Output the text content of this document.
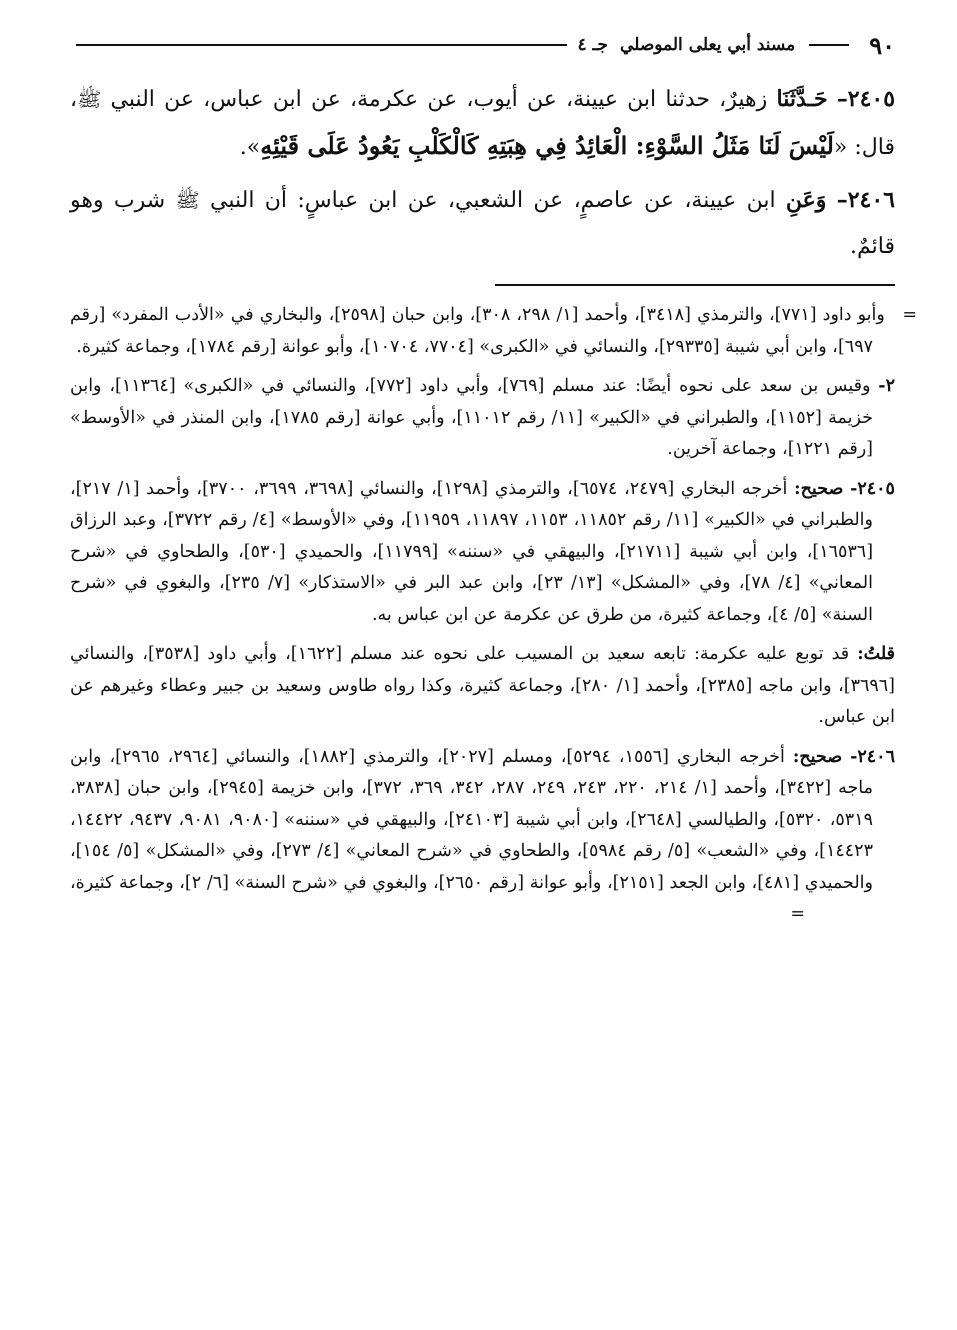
٩٠
مسند أبي يعلى الموصلي
جـ ٤

٢٤٠٥– حَـدَّثَنَا زهيرٌ، حدثنا ابن عيينة، عن أيوب، عن عكرمة، عن ابن عباس، عن النبي ﷺ، قال: «لَيْسَ لَنَا مَثَلُ السَّوْءِ: الْعَائِدُ فِي هِبَتِهِ كَالْكَلْبِ يَعُودُ عَلَى قَيْئِهِ».

٢٤٠٦– وَعَنِ ابن عيينة، عن عاصمٍ، عن الشعبي، عن ابن عباسٍ: أن النبي ﷺ شرب وهو قائمٌ.

= وأبو داود [٧٧١]، والترمذي [٣٤١٨]، وأحمد [١/ ٢٩٨، ٣٠٨]، وابن حبان [٢٥٩٨]، والبخاري في «الأدب المفرد» [رقم ٦٩٧]، وابن أبي شيبة [٢٩٣٣٥]، والنسائي في «الكبرى» [٧٧٠٤، ١٠٧٠٤]، وأبو عوانة [رقم ١٧٨٤]، وجماعة كثيرة.

٢- وقيس بن سعد على نحوه أيضًا: عند مسلم [٧٦٩]، وأبي داود [٧٧٢]، والنسائي في «الكبرى» [١١٣٦٤]، وابن خزيمة [١١٥٢]، والطبراني في «الكبير» [١١/ رقم ١١٠١٢]، وأبي عوانة [رقم ١٧٨٥]، وابن المنذر في «الأوسط» [رقم ١٢٢١]، وجماعة آخرين.

٢٤٠٥- صحيح: أخرجه البخاري [٢٤٧٩، ٦٥٧٤]، والترمذي [١٢٩٨]، والنسائي [٣٦٩٨، ٣٦٩٩، ٣٧٠٠]، وأحمد [١/ ٢١٧]، والطبراني في «الكبير» [١١/ رقم ١١٨٥٢، ١١٥٣، ١١٨٩٧، ١١٩٥٩]، وفي «الأوسط» [٤/ رقم ٣٧٢٢]، وعبد الرزاق [١٦٥٣٦]، وابن أبي شيبة [٢١٧١١]، والبيهقي في «سننه» [١١٧٩٩]، والحميدي [٥٣٠]، والطحاوي في «شرح المعاني» [٤/ ٧٨]، وفي «المشكل» [١٣/ ٢٣]، وابن عبد البر في «الاستذكار» [٧/ ٢٣٥]، والبغوي في «شرح السنة» [٥/ ٤]، وجماعة كثيرة، من طرق عن عكرمة عن ابن عباس به.

قلتُ: قد توبع عليه عكرمة: تابعه سعيد بن المسيب على نحوه عند مسلم [١٦٢٢]، وأبي داود [٣٥٣٨]، والنسائي [٣٦٩٦]، وابن ماجه [٢٣٨٥]، وأحمد [١/ ٢٨٠]، وجماعة كثيرة، وكذا رواه طاوس وسعيد بن جبير وعطاء وغيرهم عن ابن عباس.

٢٤٠٦- صحيح: أخرجه البخاري [١٥٥٦، ٥٢٩٤]، ومسلم [٢٠٢٧]، والترمذي [١٨٨٢]، والنسائي [٢٩٦٤، ٢٩٦٥]، وابن ماجه [٣٤٢٢]، وأحمد [١/ ٢١٤، ٢٢٠، ٢٤٣، ٢٤٩، ٢٨٧، ٣٤٢، ٣٦٩، ٣٧٢]، وابن خزيمة [٢٩٤٥]، وابن حبان [٣٨٣٨، ٥٣١٩، ٥٣٢٠]، والطيالسي [٢٦٤٨]، وابن أبي شيبة [٢٤١٠٣]، والبيهقي في «سننه» [٩٠٨٠، ٩٠٨١، ٩٤٣٧، ١٤٤٢٢، ١٤٤٢٣]، وفي «الشعب» [٥/ رقم ٥٩٨٤]، والطحاوي في «شرح المعاني» [٤/ ٢٧٣]، وفي «المشكل» [٥/ ١٥٤]، والحميدي [٤٨١]، وابن الجعد [٢١٥١]، وأبو عوانة [رقم ٢٦٥٠]، والبغوي في «شرح السنة» [٦/ ٢]، وجماعة كثيرة، =
